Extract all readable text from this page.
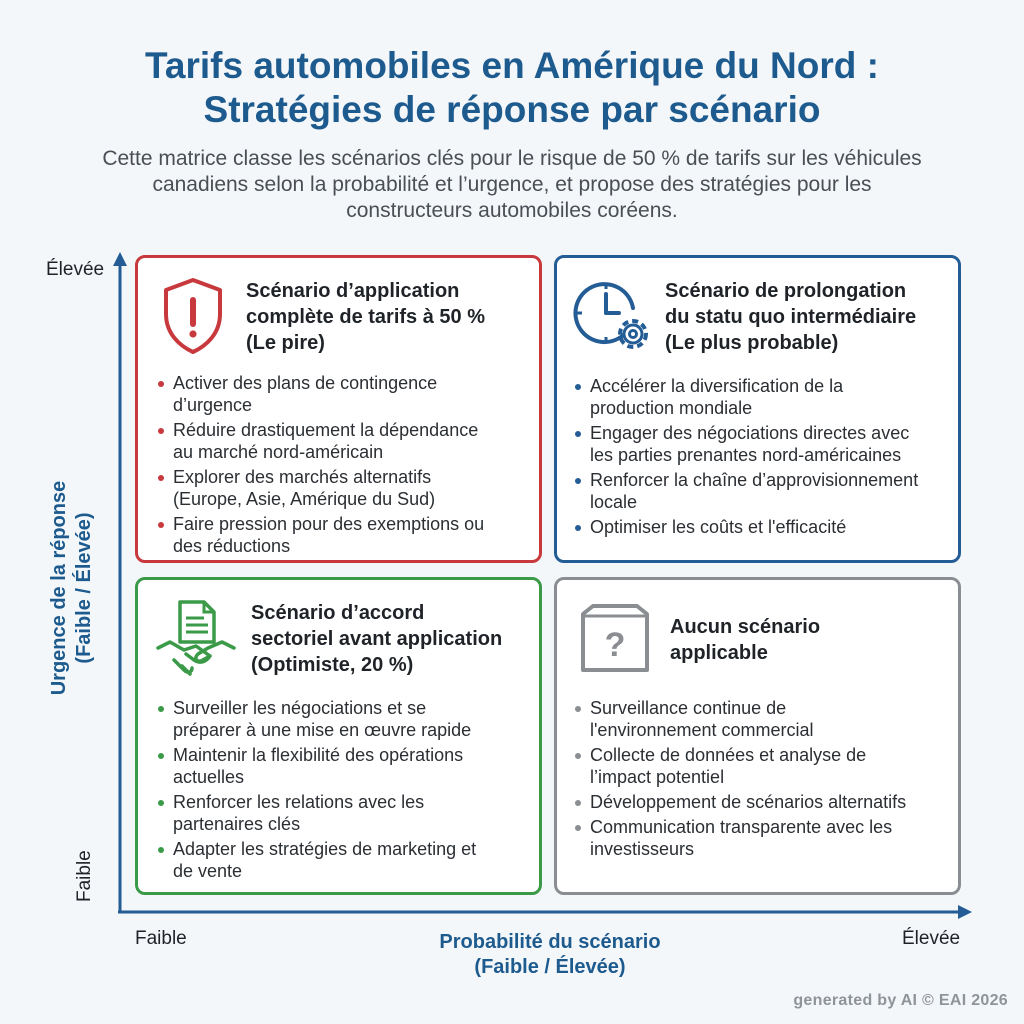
Tarifs automobiles en Amérique du Nord :
Stratégies de réponse par scénario
Cette matrice classe les scénarios clés pour le risque de 50 % de tarifs sur les véhicules
canadiens selon la probabilité et l’urgence, et propose des stratégies pour les
constructeurs automobiles coréens.
Élevée
Faible
Urgence de la réponse (Faible / Élevée)
Faible	Élevée
Probabilité du scénario
(Faible / Élevée)
Scénario d’application
complète de tarifs à 50 %
(Le pire)
Activer des plans de contingence
d’urgence
Réduire drastiquement la dépendance
au marché nord-américain
Explorer des marchés alternatifs
(Europe, Asie, Amérique du Sud)
Faire pression pour des exemptions ou
des réductions
Scénario de prolongation
du statu quo intermédiaire
(Le plus probable)
Accélérer la diversification de la
production mondiale
Engager des négociations directes avec
les parties prenantes nord-américaines
Renforcer la chaîne d’approvisionnement
locale
Optimiser les coûts et l'efficacité
Scénario d’accord
sectoriel avant application
(Optimiste, 20 %)
Surveiller les négociations et se
préparer à une mise en œuvre rapide
Maintenir la flexibilité des opérations
actuelles
Renforcer les relations avec les
partenaires clés
Adapter les stratégies de marketing et
de vente
? Aucun scénario
applicable
Surveillance continue de
l'environnement commercial
Collecte de données et analyse de
l’impact potentiel
Développement de scénarios alternatifs
Communication transparente avec les
investisseurs
generated by AI © EAI 2026
